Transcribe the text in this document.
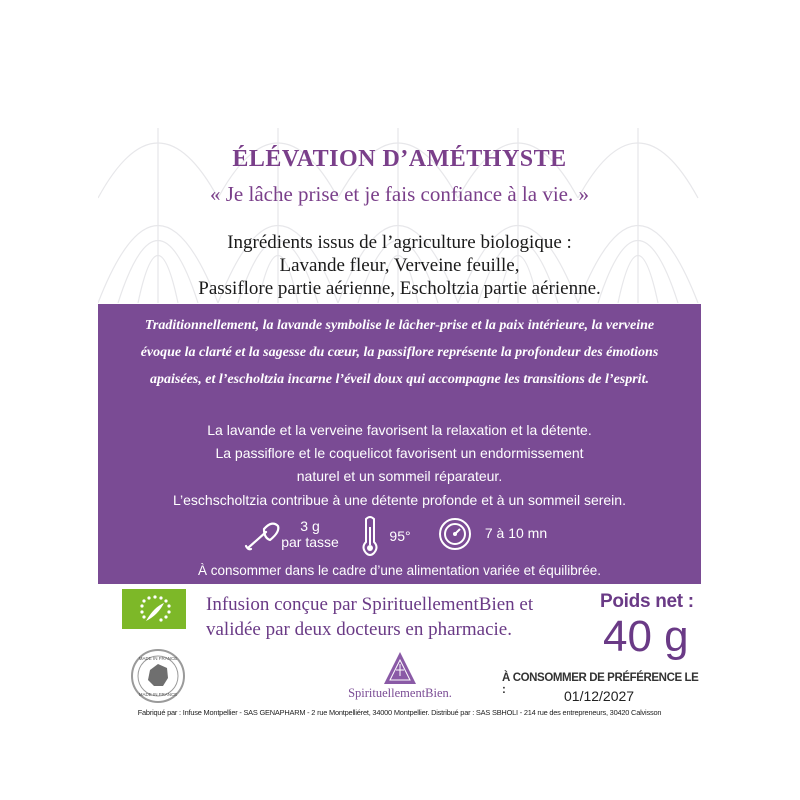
ÉLÉVATION D’AMÉTHYSTE
« Je lâche prise et je fais confiance à la vie. »
Ingrédients issus de l’agriculture biologique :
Lavande fleur, Verveine feuille,
Passiflore partie aérienne, Escholtzia partie aérienne.
Traditionnellement, la lavande symbolise le lâcher-prise et la paix intérieure, la verveine
évoque la clarté et la sagesse du cœur, la passiflore représente la profondeur des émotions
apaisées, et l’escholtzia incarne l’éveil doux qui accompagne les transitions de l’esprit.
La lavande et la verveine favorisent la relaxation et la détente.
La passiflore et le coquelicot favorisent un endormissement
naturel et un sommeil réparateur.
L’eschscholtzia contribue à une détente profonde et à un sommeil serein.
3 g
par tasse	95°	7 à 10 mn
À consommer dans le cadre d’une alimentation variée et équilibrée.
Infusion conçue par SpirituellementBien et
validée par deux docteurs en pharmacie.
Poids net :
40 g
MADE IN FRANCE
MADE IN FRANCE	SpirituellementBien.
À CONSOMMER DE PRÉFÉRENCE LE :	01/12/2027
Fabriqué par : Infuse Montpellier - SAS GENAPHARM - 2 rue Montpelliéret, 34000 Montpellier. Distribué par : SAS SBHOLI - 214 rue des entrepreneurs, 30420 Calvisson
